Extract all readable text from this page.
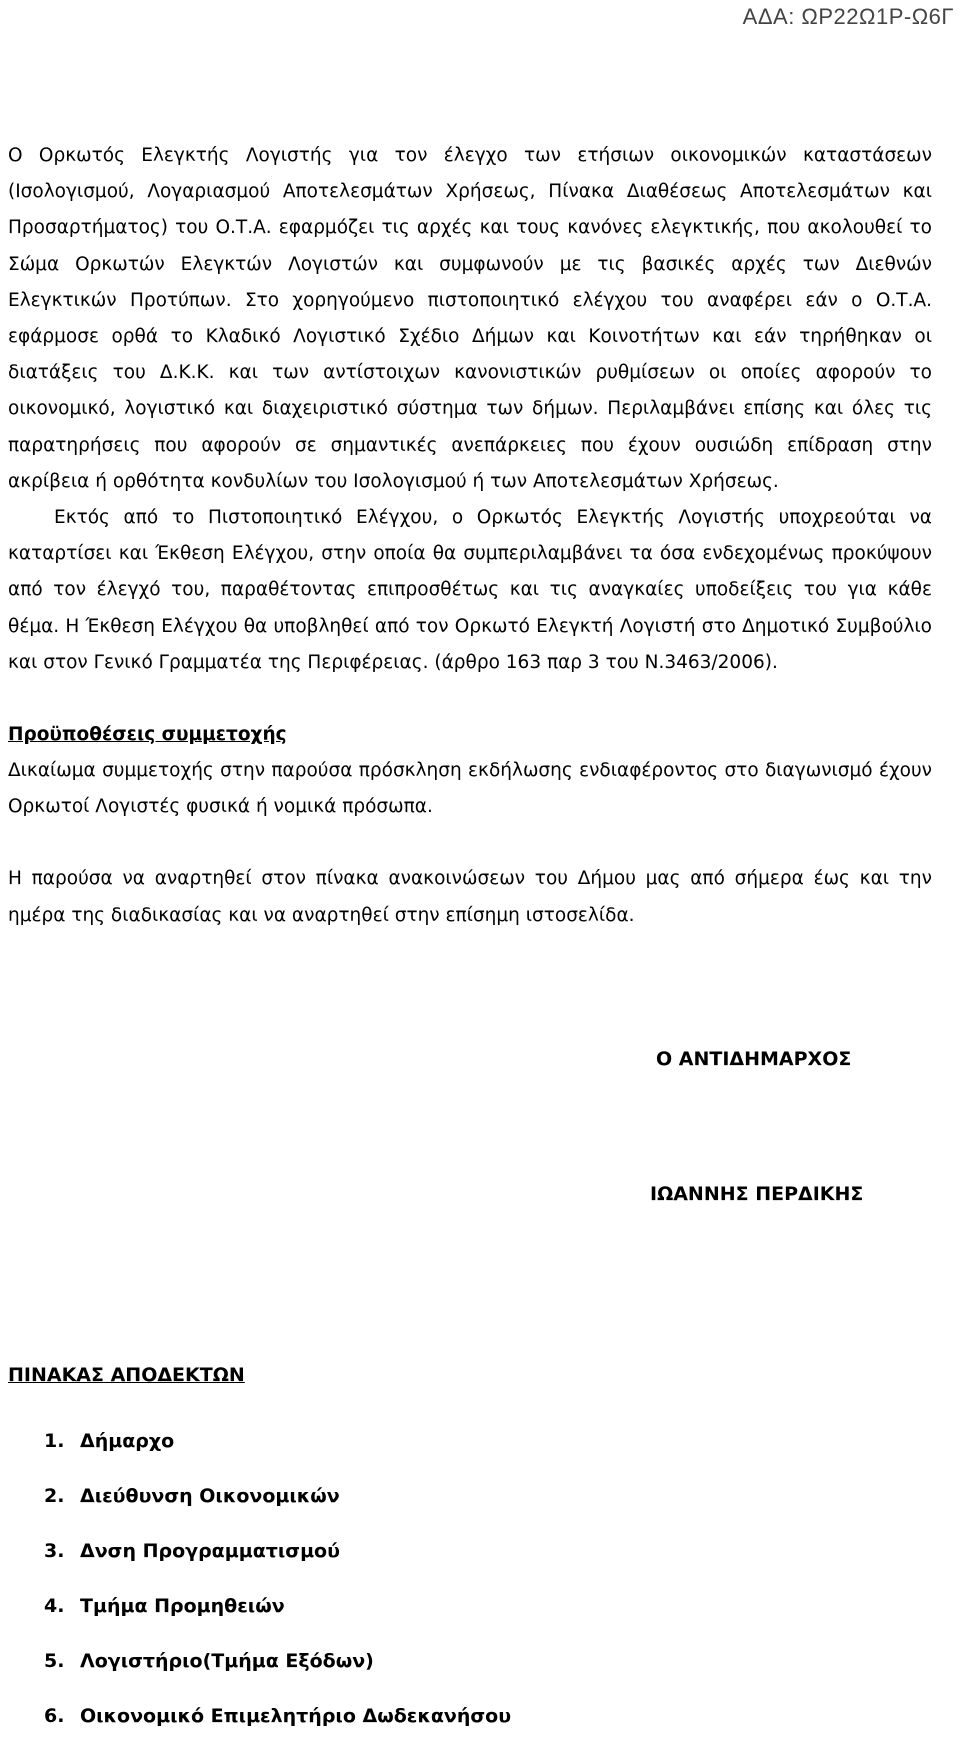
ΑΔΑ: ΩΡ22Ω1Ρ-Ω6Γ

Ο Ορκωτός Ελεγκτής Λογιστής για τον έλεγχο των ετήσιων οικονομικών καταστάσεων (Ισολογισμού, Λογαριασμού Αποτελεσμάτων Χρήσεως, Πίνακα Διαθέσεως Αποτελεσμάτων και Προσαρτήματος) του Ο.Τ.Α. εφαρμόζει τις αρχές και τους κανόνες ελεγκτικής, που ακολουθεί το Σώμα Ορκωτών Ελεγκτών Λογιστών και συμφωνούν με τις βασικές αρχές των Διεθνών Ελεγκτικών Προτύπων. Στο χορηγούμενο πιστοποιητικό ελέγχου του αναφέρει εάν ο Ο.Τ.Α. εφάρμοσε ορθά το Κλαδικό Λογιστικό Σχέδιο Δήμων και Κοινοτήτων και εάν τηρήθηκαν οι διατάξεις του Δ.Κ.Κ. και των αντίστοιχων κανονιστικών ρυθμίσεων οι οποίες αφορούν το οικονομικό, λογιστικό και διαχειριστικό σύστημα των δήμων. Περιλαμβάνει επίσης και όλες τις παρατηρήσεις που αφορούν σε σημαντικές ανεπάρκειες που έχουν ουσιώδη επίδραση στην ακρίβεια ή ορθότητα κονδυλίων του Ισολογισμού ή των Αποτελεσμάτων Χρήσεως.

Εκτός από το Πιστοποιητικό Ελέγχου, ο Ορκωτός Ελεγκτής Λογιστής υποχρεούται να καταρτίσει και Έκθεση Ελέγχου, στην οποία θα συμπεριλαμβάνει τα όσα ενδεχομένως προκύψουν από τον έλεγχό του, παραθέτοντας επιπροσθέτως και τις αναγκαίες υποδείξεις του για κάθε θέμα. Η Έκθεση Ελέγχου θα υποβληθεί από τον Ορκωτό Ελεγκτή Λογιστή στο Δημοτικό Συμβούλιο και στον Γενικό Γραμματέα της Περιφέρειας. (άρθρο 163 παρ 3 του Ν.3463/2006).

Προϋποθέσεις συμμετοχής

Δικαίωμα συμμετοχής στην παρούσα πρόσκληση εκδήλωσης ενδιαφέροντος στο διαγωνισμό έχουν Ορκωτοί Λογιστές φυσικά ή νομικά πρόσωπα.

Η παρούσα να αναρτηθεί στον πίνακα ανακοινώσεων του Δήμου μας από σήμερα έως και την ημέρα της διαδικασίας και να αναρτηθεί στην επίσημη ιστοσελίδα.

Ο ΑΝΤΙΔΗΜΑΡΧΟΣ
ΙΩΑΝΝΗΣ ΠΕΡΔΙΚΗΣ
ΠΙΝΑΚΑΣ ΑΠΟΔΕΚΤΩΝ
1. Δήμαρχο
2. Διεύθυνση Οικονομικών
3. Δνση Προγραμματισμού
4. Τμήμα Προμηθειών
5. Λογιστήριο(Τμήμα Εξόδων)
6. Οικονομικό Επιμελητήριο Δωδεκανήσου
